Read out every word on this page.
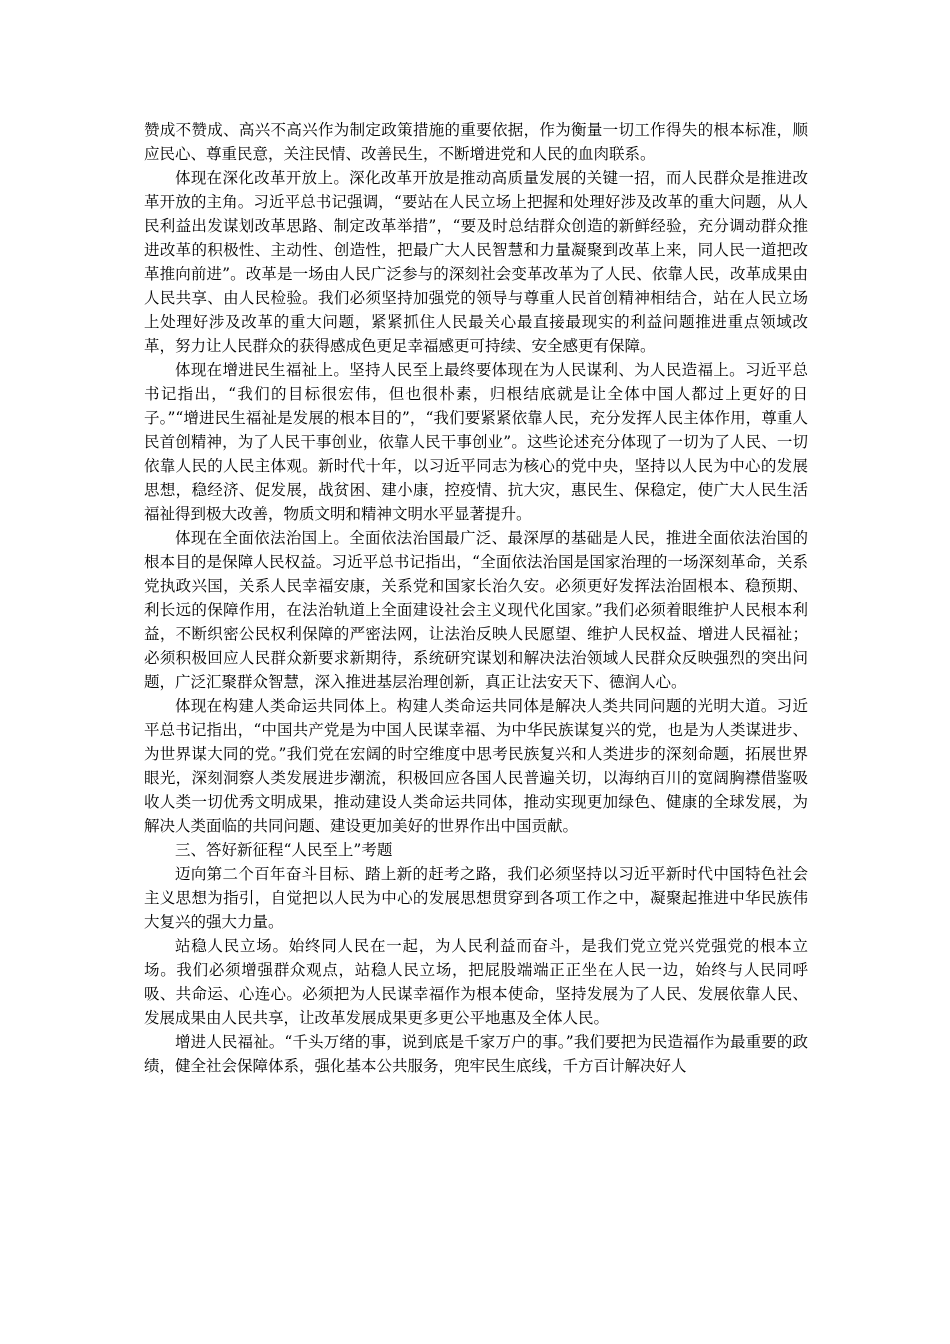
赞成不赞成、高兴不高兴作为制定政策措施的重要依据，作为衡量一切工作得失的根本标准，顺应民心、尊重民意，关注民情、改善民生，不断增进党和人民的血肉联系。

体现在深化改革开放上。深化改革开放是推动高质量发展的关键一招，而人民群众是推进改革开放的主角。习近平总书记强调，“要站在人民立场上把握和处理好涉及改革的重大问题，从人民利益出发谋划改革思路、制定改革举措”，“要及时总结群众创造的新鲜经验，充分调动群众推进改革的积极性、主动性、创造性，把最广大人民智慧和力量凝聚到改革上来，同人民一道把改革推向前进”。改革是一场由人民广泛参与的深刻社会变革改革为了人民、依靠人民，改革成果由人民共享、由人民检验。我们必须坚持加强党的领导与尊重人民首创精神相结合，站在人民立场上处理好涉及改革的重大问题，紧紧抓住人民最关心最直接最现实的利益问题推进重点领域改革，努力让人民群众的获得感成色更足幸福感更可持续、安全感更有保障。

体现在增进民生福祉上。坚持人民至上最终要体现在为人民谋利、为人民造福上。习近平总书记指出，“我们的目标很宏伟，但也很朴素，归根结底就是让全体中国人都过上更好的日子。”“增进民生福祉是发展的根本目的”，“我们要紧紧依靠人民，充分发挥人民主体作用，尊重人民首创精神，为了人民干事创业，依靠人民干事创业”。这些论述充分体现了一切为了人民、一切依靠人民的人民主体观。新时代十年，以习近平同志为核心的党中央，坚持以人民为中心的发展思想，稳经济、促发展，战贫困、建小康，控疫情、抗大灾，惠民生、保稳定，使广大人民生活福祉得到极大改善，物质文明和精神文明水平显著提升。

体现在全面依法治国上。全面依法治国最广泛、最深厚的基础是人民，推进全面依法治国的根本目的是保障人民权益。习近平总书记指出，“全面依法治国是国家治理的一场深刻革命，关系党执政兴国，关系人民幸福安康，关系党和国家长治久安。必须更好发挥法治固根本、稳预期、利长远的保障作用，在法治轨道上全面建设社会主义现代化国家。”我们必须着眼维护人民根本利益，不断织密公民权利保障的严密法网，让法治反映人民愿望、维护人民权益、增进人民福祉；必须积极回应人民群众新要求新期待，系统研究谋划和解决法治领域人民群众反映强烈的突出问题，广泛汇聚群众智慧，深入推进基层治理创新，真正让法安天下、德润人心。

体现在构建人类命运共同体上。构建人类命运共同体是解决人类共同问题的光明大道。习近平总书记指出，“中国共产党是为中国人民谋幸福、为中华民族谋复兴的党，也是为人类谋进步、为世界谋大同的党。”我们党在宏阔的时空维度中思考民族复兴和人类进步的深刻命题，拓展世界眼光，深刻洞察人类发展进步潮流，积极回应各国人民普遍关切，以海纳百川的宽阔胸襟借鉴吸收人类一切优秀文明成果，推动建设人类命运共同体，推动实现更加绿色、健康的全球发展，为解决人类面临的共同问题、建设更加美好的世界作出中国贡献。

三、答好新征程“人民至上”考题

迈向第二个百年奋斗目标、踏上新的赶考之路，我们必须坚持以习近平新时代中国特色社会主义思想为指引，自觉把以人民为中心的发展思想贯穿到各项工作之中，凝聚起推进中华民族伟大复兴的强大力量。

站稳人民立场。始终同人民在一起，为人民利益而奋斗，是我们党立党兴党强党的根本立场。我们必须增强群众观点，站稳人民立场，把屁股端端正正坐在人民一边，始终与人民同呼吸、共命运、心连心。必须把为人民谋幸福作为根本使命，坚持发展为了人民、发展依靠人民、发展成果由人民共享，让改革发展成果更多更公平地惠及全体人民。

增进人民福祉。“千头万绪的事，说到底是千家万户的事。”我们要把为民造福作为最重要的政绩，健全社会保障体系，强化基本公共服务，兜牢民生底线，千方百计解决好人
